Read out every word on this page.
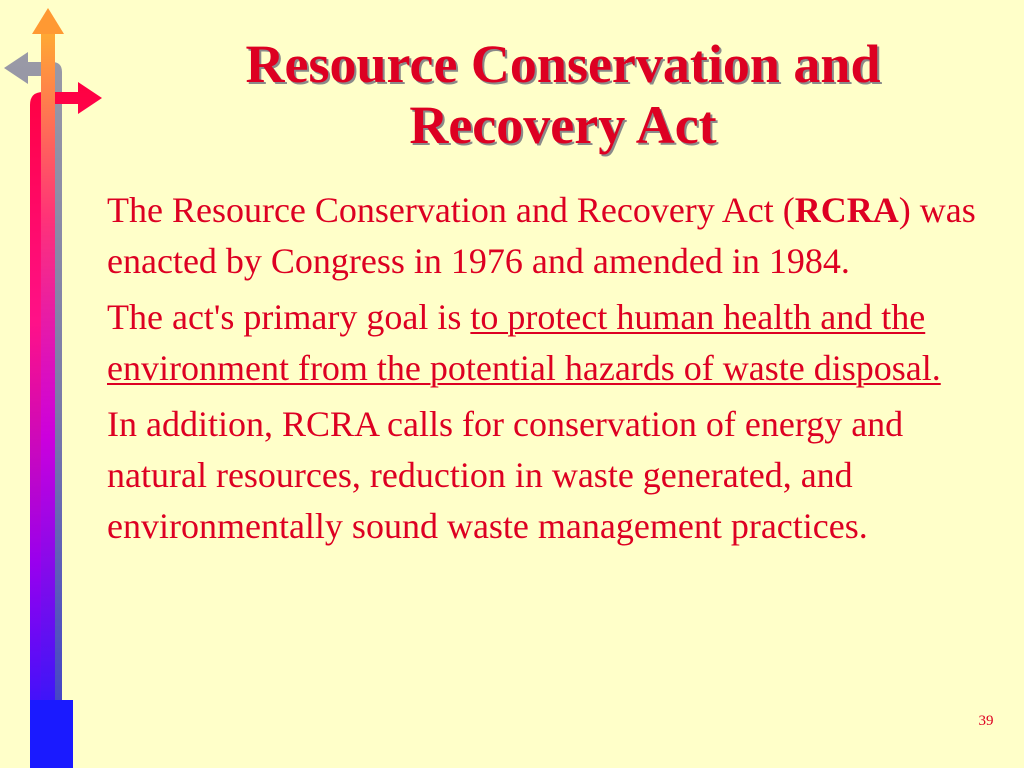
Resource Conservation and
Recovery Act

The Resource Conservation and Recovery Act (RCRA) was enacted by Congress in 1976 and amended in 1984.

The act's primary goal is to protect human health and the environment from the potential hazards of waste disposal.

In addition, RCRA calls for conservation of energy and natural resources, reduction in waste generated, and environmentally sound waste management practices.

39
